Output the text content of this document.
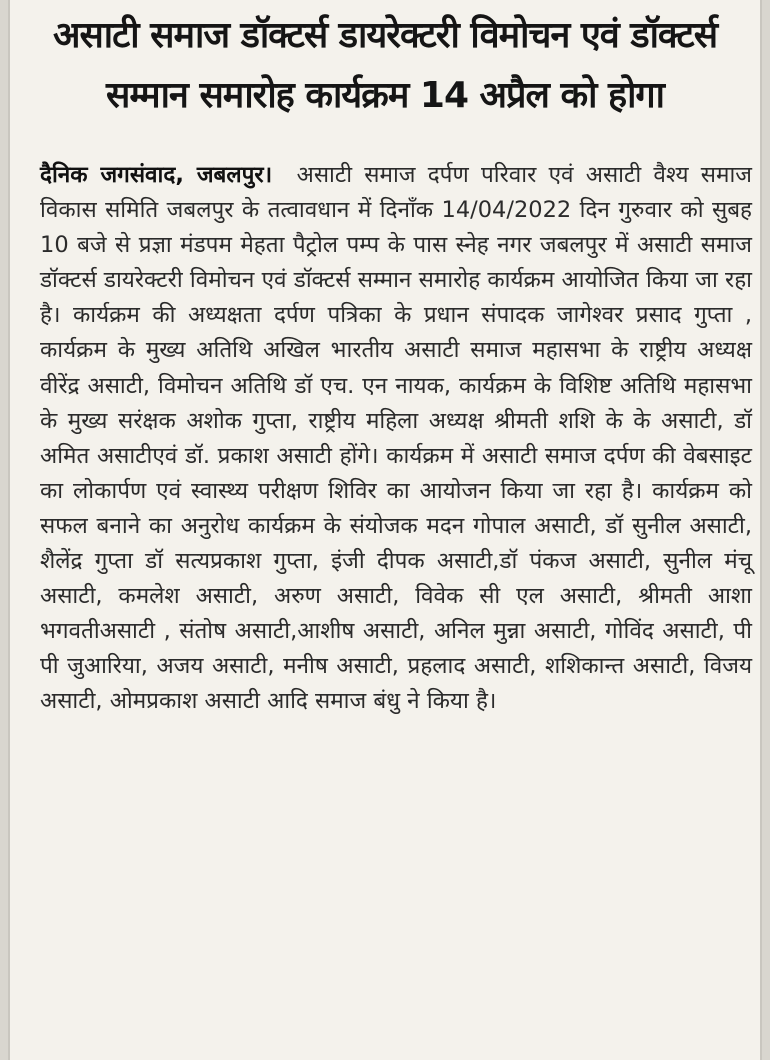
असाटी समाज डॉक्टर्स डायरेक्टरी विमोचन एवं डॉक्टर्स
सम्मान समारोह कार्यक्रम 14 अप्रैल को होगा

दैनिक जगसंवाद, जबलपुर। असाटी समाज दर्पण परिवार एवं असाटी वैश्य समाज विकास समिति जबलपुर के तत्वावधान में दिनाँक 14/04/2022 दिन गुरुवार को सुबह 10 बजे से प्रज्ञा मंडपम मेहता पैट्रोल पम्प के पास स्नेह नगर जबलपुर में असाटी समाज डॉक्टर्स डायरेक्टरी विमोचन एवं डॉक्टर्स सम्मान समारोह कार्यक्रम आयोजित किया जा रहा है। कार्यक्रम की अध्यक्षता दर्पण पत्रिका के प्रधान संपादक जागेश्वर प्रसाद गुप्ता , कार्यक्रम के मुख्य अतिथि अखिल भारतीय असाटी समाज महासभा के राष्ट्रीय अध्यक्ष वीरेंद्र असाटी, विमोचन अतिथि डॉ एच. एन नायक, कार्यक्रम के विशिष्ट अतिथि महासभा के मुख्य सरंक्षक अशोक गुप्ता, राष्ट्रीय महिला अध्यक्ष श्रीमती शशि के के असाटी, डॉ अमित असाटीएवं डॉ. प्रकाश असाटी होंगे। कार्यक्रम में असाटी समाज दर्पण की वेबसाइट का लोकार्पण एवं स्वास्थ्य परीक्षण शिविर का आयोजन किया जा रहा है। कार्यक्रम को सफल बनाने का अनुरोध कार्यक्रम के संयोजक मदन गोपाल असाटी, डॉ सुनील असाटी, शैलेंद्र गुप्ता डॉ सत्यप्रकाश गुप्ता, इंजी दीपक असाटी,डॉ पंकज असाटी, सुनील मंचू असाटी, कमलेश असाटी, अरुण असाटी, विवेक सी एल असाटी, श्रीमती आशा भगवतीअसाटी , संतोष असाटी,आशीष असाटी, अनिल मुन्ना असाटी, गोविंद असाटी, पी पी जुआरिया, अजय असाटी, मनीष असाटी, प्रहलाद असाटी, शशिकान्त असाटी, विजय असाटी, ओमप्रकाश असाटी आदि समाज बंधु ने किया है।
